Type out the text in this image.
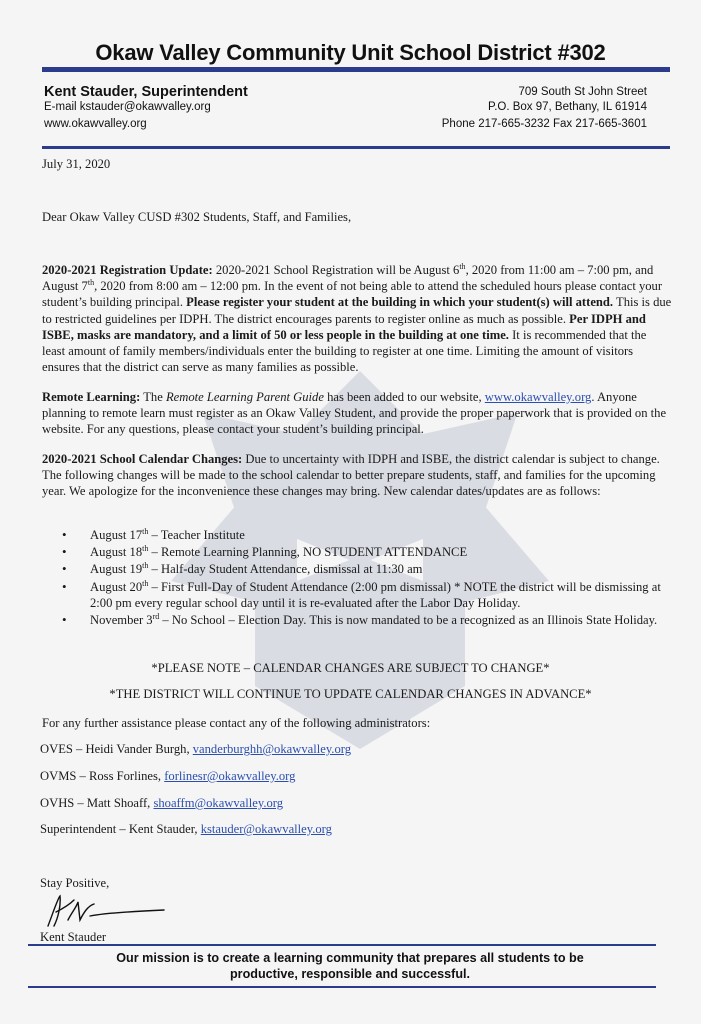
Okaw Valley Community Unit School District #302
Kent Stauder, Superintendent
E-mail kstauder@okawvalley.org
www.okawvalley.org
709 South St John Street
P.O. Box 97, Bethany, IL 61914
Phone 217-665-3232 Fax 217-665-3601
July 31, 2020
Dear Okaw Valley CUSD #302 Students, Staff, and Families,

2020-2021 Registration Update: 2020-2021 School Registration will be August 6th, 2020 from 11:00 am – 7:00 pm, and August 7th, 2020 from 8:00 am – 12:00 pm. In the event of not being able to attend the scheduled hours please contact your student’s building principal. Please register your student at the building in which your student(s) will attend. This is due to restricted guidelines per IDPH. The district encourages parents to register online as much as possible. Per IDPH and ISBE, masks are mandatory, and a limit of 50 or less people in the building at one time. It is recommended that the least amount of family members/individuals enter the building to register at one time. Limiting the amount of visitors ensures that the district can serve as many families as possible.

Remote Learning: The Remote Learning Parent Guide has been added to our website, www.okawvalley.org. Anyone planning to remote learn must register as an Okaw Valley Student, and provide the proper paperwork that is provided on the website. For any questions, please contact your student’s building principal.

2020-2021 School Calendar Changes: Due to uncertainty with IDPH and ISBE, the district calendar is subject to change. The following changes will be made to the school calendar to better prepare students, staff, and families for the upcoming year. We apologize for the inconvenience these changes may bring. New calendar dates/updates are as follows:

• August 17th – Teacher Institute
• August 18th – Remote Learning Planning, NO STUDENT ATTENDANCE
• August 19th – Half-day Student Attendance, dismissal at 11:30 am
• August 20th – First Full-Day of Student Attendance (2:00 pm dismissal) * NOTE the district will be dismissing at 2:00 pm every regular school day until it is re-evaluated after the Labor Day Holiday.
• November 3rd – No School – Election Day. This is now mandated to be a recognized as an Illinois State Holiday.
*PLEASE NOTE – CALENDAR CHANGES ARE SUBJECT TO CHANGE*
*THE DISTRICT WILL CONTINUE TO UPDATE CALENDAR CHANGES IN ADVANCE*
For any further assistance please contact any of the following administrators:
OVES – Heidi Vander Burgh, vanderburghh@okawvalley.org
OVMS – Ross Forlines, forlinesr@okawvalley.org
OVHS – Matt Shoaff, shoaffm@okawvalley.org
Superintendent – Kent Stauder, kstauder@okawvalley.org
Stay Positive,
Kent Stauder
Our mission is to create a learning community that prepares all students to be
productive, responsible and successful.
